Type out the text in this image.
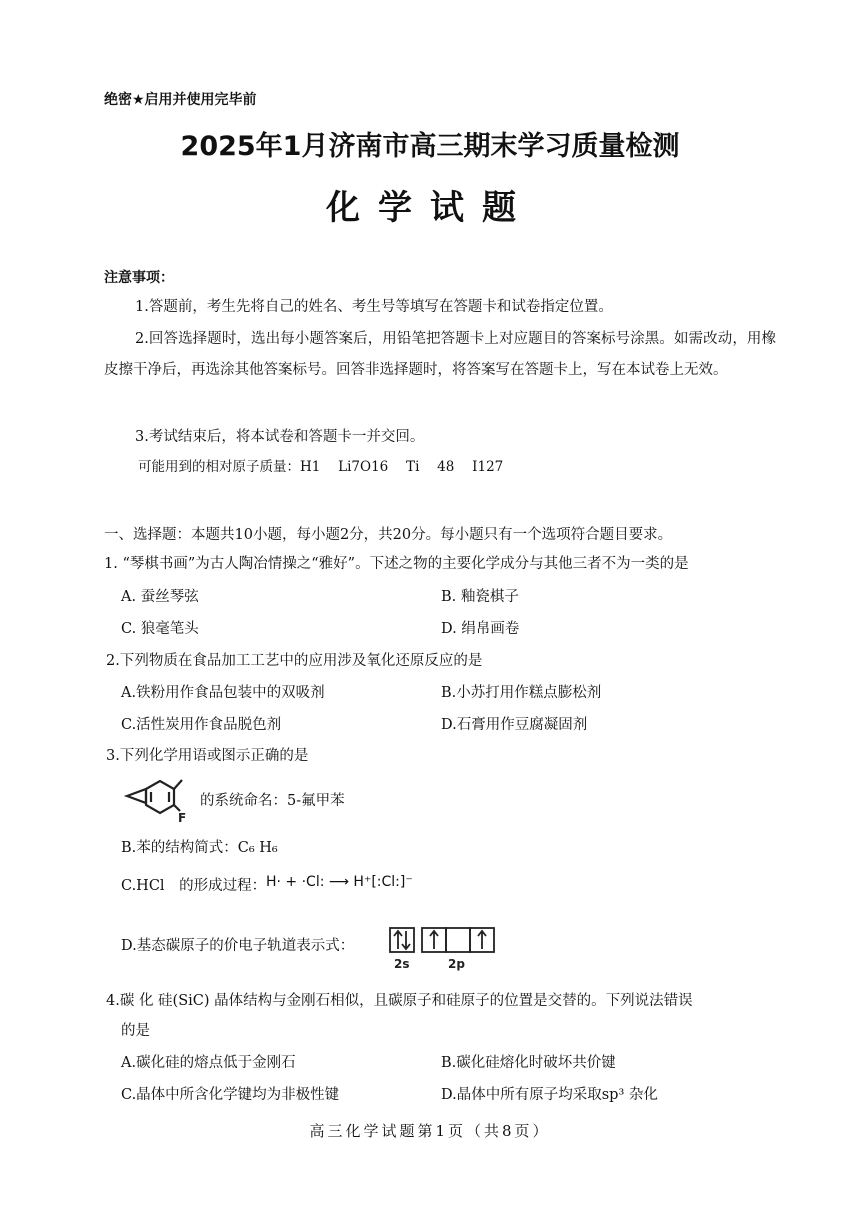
绝密★启用并使用完毕前
2025年1月济南市高三期末学习质量检测
化学试题
注意事项：
1.答题前，考生先将自己的姓名、考生号等填写在答题卡和试卷指定位置。
2.回答选择题时，选出每小题答案后，用铅笔把答题卡上对应题目的答案标号涂黑。如需改动，用橡皮擦干净后，再选涂其他答案标号。回答非选择题时，将答案写在答题卡上，写在本试卷上无效。
3.考试结束后，将本试卷和答题卡一并交回。
可能用到的相对原子质量：H1　 Li7O16　 Ti　 48　 I127
一、选择题：本题共10小题，每小题2分，共20分。每小题只有一个选项符合题目要求。
1. “琴棋书画”为古人陶冶情操之“雅好”。下述之物的主要化学成分与其他三者不为一类的是
A. 蚕丝琴弦	B. 釉瓷棋子
C. 狼毫笔头	D. 绢帛画卷
2.下列物质在食品加工工艺中的应用涉及氧化还原反应的是
A.铁粉用作食品包装中的双吸剂	B.小苏打用作糕点膨松剂
C.活性炭用作食品脱色剂	D.石膏用作豆腐凝固剂
3.下列化学用语或图示正确的是
F
的系统命名：5-氟甲苯
B.苯的结构简式：C₆ H₆
C.HCl　的形成过程： H· + ·Cl: ⟶ H⁺[:Cl:]⁻
D.基态碳原子的价电子轨道表示式：
2s	2p
4.碳 化 硅(SiC) 晶体结构与金刚石相似，且碳原子和硅原子的位置是交替的。下列说法错误
的是
A.碳化硅的熔点低于金刚石	B.碳化硅熔化时破坏共价键
C.晶体中所含化学键均为非极性键	D.晶体中所有原子均采取sp³ 杂化
高三化学试题第1页（共8页）
